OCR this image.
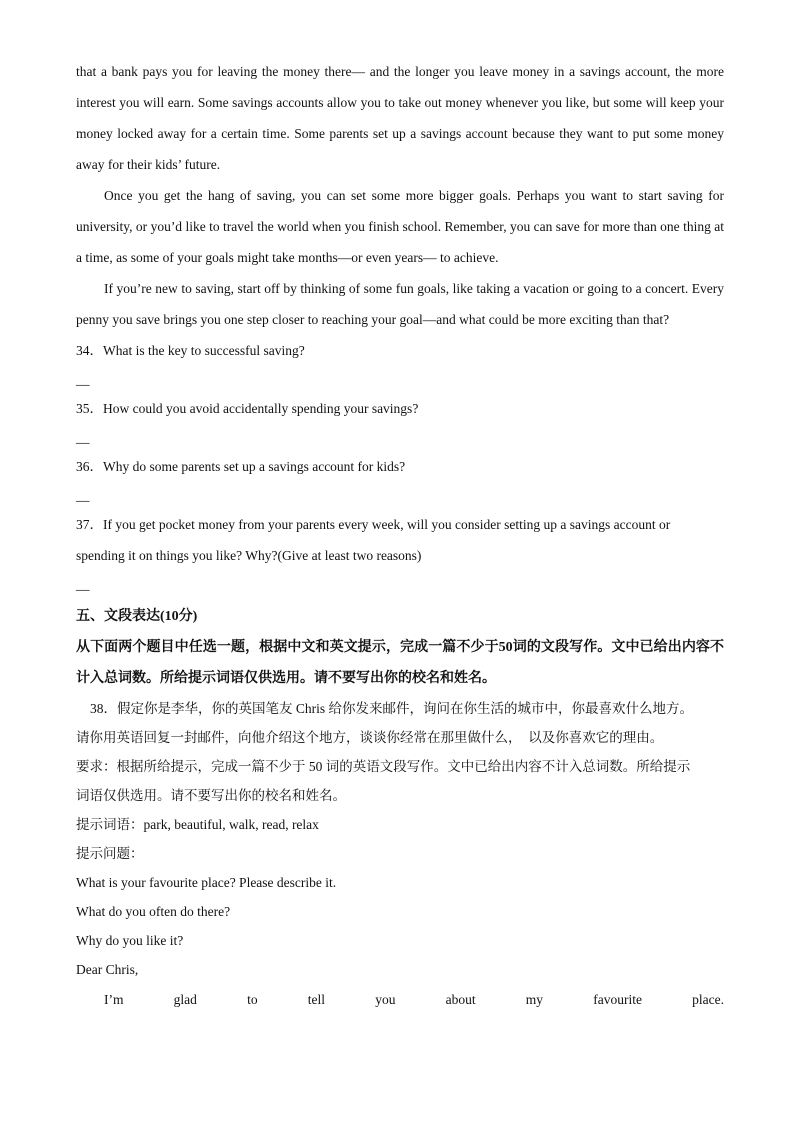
that a bank pays you for leaving the money there— and the longer you leave money in a savings account, the more interest you will earn. Some savings accounts allow you to take out money whenever you like, but some will keep your money locked away for a certain time. Some parents set up a savings account because they want to put some money away for their kids’ future.

Once you get the hang of saving, you can set some more bigger goals. Perhaps you want to start saving for university, or you’d like to travel the world when you finish school. Remember, you can save for more than one thing at a time, as some of your goals might take months—or even years— to achieve.

If you’re new to saving, start off by thinking of some fun goals, like taking a vacation or going to a concert. Every penny you save brings you one step closer to reaching your goal—and what could be more exciting than that?

34．What is the key to successful saving?

__

35．How could you avoid accidentally spending your savings?

__

36．Why do some parents set up a savings account for kids?

__

37．If you get pocket money from your parents every week, will you consider setting up a savings account or

spending it on things you like? Why?(Give at least two reasons)

__

五、文段表达(10分)

从下面两个题目中任选一题，根据中文和英文提示，完成一篇不少于50词的文段写作。文中已给出内容不计入总词数。所给提示词语仅供选用。请不要写出你的校名和姓名。

38．假定你是李华，你的英国笔友 Chris 给你发来邮件，询问在你生活的城市中，你最喜欢什么地方。

请你用英语回复一封邮件，向他介绍这个地方，谈谈你经常在那里做什么，　以及你喜欢它的理由。

要求：根据所给提示，完成一篇不少于 50 词的英语文段写作。文中已给出内容不计入总词数。所给提示

词语仅供选用。请不要写出你的校名和姓名。

提示词语：park, beautiful, walk, read, relax

提示问题：

What is your favourite place? Please describe it.

What do you often do there?

Why do you like it?

Dear Chris,

I’m	glad	to	tell	you	about	my	favourite	place.
